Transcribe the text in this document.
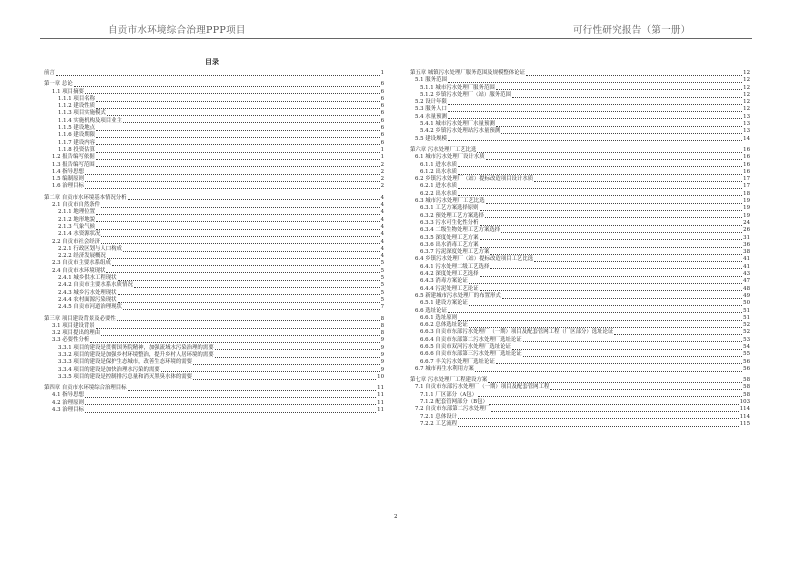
自贡市水环境综合治理PPP项目	可行性研究报告（第一册）
目录
前言	1
第一章 总论	6
1.1 项目摘要	6
1.1.1 项目名称	6
1.1.2 建设性质	6
1.1.3 项目实施模式	6
1.1.4 实施机构及项目业主	6
1.1.5 建设地点	6
1.1.6 建设期限	6
1.1.7 建设内容	6
1.1.8 投资估算	1
1.2 报告编写依据	1
1.3 报告编写范围	2
1.4 指导思想	2
1.5 编制原则	2
1.6 治理目标	2
第二章 自贡市水环境基本情况分析	4
2.1 自贡市自然条件	4
2.1.1 地理位置	4
2.1.2 地形地貌	4
2.1.3 气象气候	4
2.1.4 水资源状况	4
2.2 自贡市社会经济	4
2.2.1 行政区划与人口构成	4
2.2.2 经济发展概况	4
2.3 自贡市主要水系组成	5
2.4 自贡市水环境现状	5
2.4.1 城乡供水工程现状	5
2.4.2 自贡市主要水系水质情况	5
2.4.3 城乡污水处理现状	5
2.4.4 农村面源污染现状	5
2.4.5 自贡市河道治理现状	7
第三章 项目建设背景及必要性	8
3.1 项目建设背景	8
3.2 项目提出的理由	8
3.3 必要性分析	9
3.3.1 项目的建设是贯彻国务院精神，加强流域水污染治理的需要	9
3.3.2 项目的建设是加强乡村环境整治，提升乡村人居环境的需要	9
3.3.3 项目的建设是保护生态城市，改善生态环境的需要	9
3.3.4 项目的建设是加快治理水污染的需要	9
3.3.5 项目的建设是控制排污总量和消灭黑臭水体的需要	10
第四章 自贡市水环境综合治理目标	11
4.1 指导思想	11
4.2 治理原则	11
4.3 治理目标	11
第五章 城镇污水处理厂服务范围及规模整体论证	12
5.1 服务范围	12
5.1.1 城市污水处理厂服务范围	12
5.1.2 乡镇污水处理厂（站）服务范围	12
5.2 设计年限	12
5.3 服务人口	12
5.4 水量预测	13
5.4.1 城市污水处理厂水量预测	13
5.4.2 乡镇污水处理站污水量预测	13
5.5 建设规模	14
第六章 污水处理厂工艺比选	16
6.1 城市污水处理厂设计水质	16
6.1.1 进水水质	16
6.1.2 出水水质	16
6.2 乡镇污水处理厂（站）提标改造项目设计水质	17
6.2.1 进水水质	17
6.2.2 出水水质	18
6.3 城市污水处理厂工艺比选	19
6.3.1 工艺方案选择原则	19
6.3.2 预处理工艺方案选择	19
6.3.3 污水可生化性分析	24
6.3.4 二级生物处理工艺方案选择	26
6.3.5 深度处理工艺方案	31
6.3.6 出水消毒工艺方案	36
6.3.7 污泥深度处理工艺方案	38
6.4 乡镇污水处理厂（站）提标改造项目工艺比选	41
6.4.1 污水处理二级工艺选择	41
6.4.2 深度处理工艺选择	43
6.4.3 消毒方案论证	47
6.4.4 污泥处理工艺论证	48
6.5 新建城市污水处理厂的布置形式	49
6.5.1 建设方案论证	50
6.6 选址论证	51
6.6.1 选址原则	51
6.6.2 总体选址论证	52
6.6.3 自贡市东部污水处理厂（一期）项目及配套管网工程（厂区部分）选址论证	52
6.6.4 自贡市东部第二污水处理厂选址论证	53
6.6.5 自贡市双河污水处理厂选址论证	54
6.6.6 自贡市东部第三污水处理厂选址论证	55
6.6.7 丰关污水处理厂选址论证	56
6.7 城市再生水利用方案	56
第七章 污水处理厂工程建设方案	58
7.1 自贡市东部污水处理厂（一期）项目及配套管网工程	58
7.1.1 厂区部分（A包）	58
7.1.2 配套管网部分（B包）	103
7.2 自贡市东部第二污水处理厂	114
7.2.1 总体设计	114
7.2.2 工艺流程	115
2
